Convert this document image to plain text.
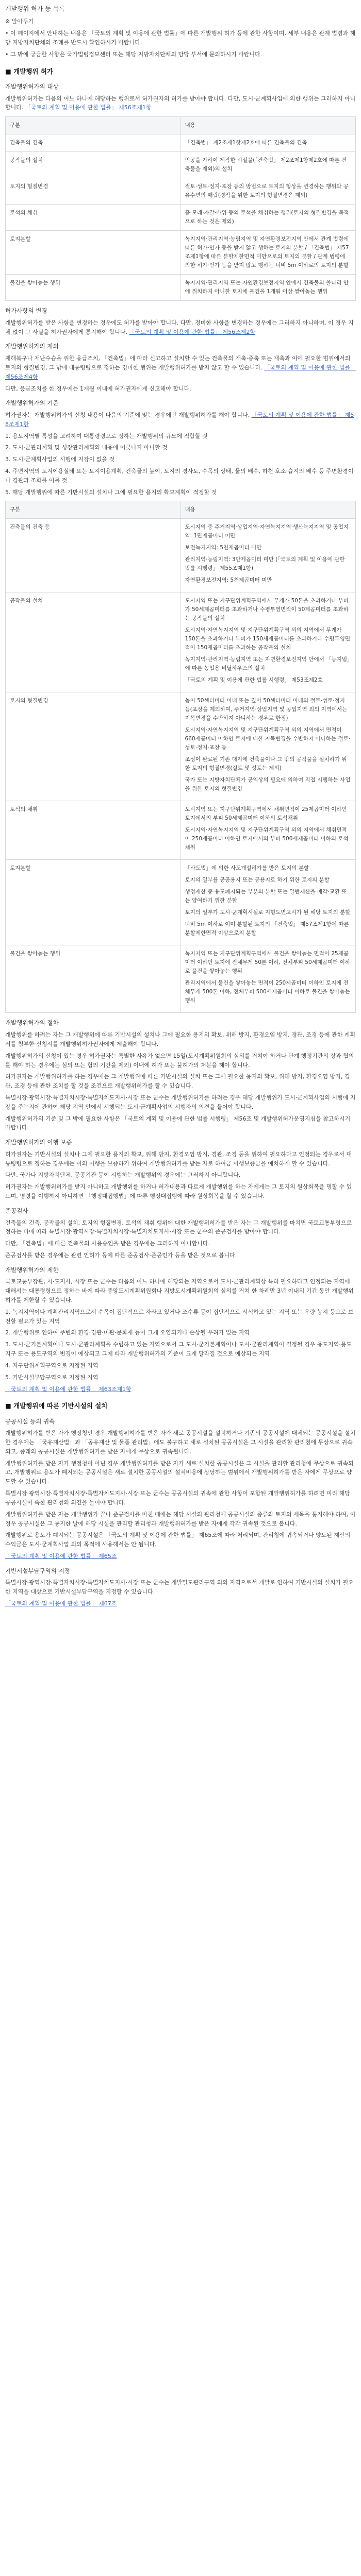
개발행위 허가 등 목록
※ 알아두기

• 이 페이지에서 안내하는 내용은 「국토의 계획 및 이용에 관한 법률」에 따른 개발행위 허가 등에 관한 사항이며, 세부 내용은 관계 법령과 해당 지방자치단체의 조례를 반드시 확인하시기 바랍니다.

• 그 밖에 궁금한 사항은 국가법령정보센터 또는 해당 지방자치단체의 담당 부서에 문의하시기 바랍니다.

■ 개발행위 허가
개발행위허가의 대상

개발행위허가는 다음의 어느 하나에 해당하는 행위로서 허가권자의 허가를 받아야 합니다. 다만, 도시·군계획사업에 의한 행위는 그러하지 아니합니다. 「국토의 계획 및 이용에 관한 법률」 제56조제1항

구분	내용
건축물의 건축	「건축법」 제2조제1항제2호에 따른 건축물의 건축
공작물의 설치	인공을 가하여 제작한 시설물(「건축법」 제2조제1항제2호에 따른 건축물을 제외)의 설치
토지의 형질변경	절토·성토·정지·포장 등의 방법으로 토지의 형상을 변경하는 행위와 공유수면의 매립(경작을 위한 토지의 형질변경은 제외)
토석의 채취	흙·모래·자갈·바위 등의 토석을 채취하는 행위(토지의 형질변경을 목적으로 하는 것은 제외)
토지분할	녹지지역·관리지역·농림지역 및 자연환경보전지역 안에서 관계 법령에 따른 허가·인가 등을 받지 않고 행하는 토지의 분할 / 「건축법」 제57조제1항에 따른 분할제한면적 미만으로의 토지의 분할 / 관계 법령에 의한 허가·인가 등을 받지 않고 행하는 너비 5m 이하로의 토지의 분할
물건을 쌓아놓는 행위	녹지지역·관리지역 또는 자연환경보전지역 안에서 건축물의 울타리 안에 위치하지 아니한 토지에 물건을 1개월 이상 쌓아놓는 행위
허가사항의 변경

개발행위허가를 받은 사항을 변경하는 경우에도 허가를 받아야 합니다. 다만, 경미한 사항을 변경하는 경우에는 그러하지 아니하며, 이 경우 지체 없이 그 사실을 허가권자에게 통지해야 합니다. 「국토의 계획 및 이용에 관한 법률」 제56조제2항

개발행위허가의 제외

재해복구나 재난수습을 위한 응급조치, 「건축법」에 따라 신고하고 설치할 수 있는 건축물의 개축·증축 또는 재축과 이에 필요한 범위에서의 토지의 형질변경, 그 밖에 대통령령으로 정하는 경미한 행위는 개발행위허가를 받지 않고 할 수 있습니다. 「국토의 계획 및 이용에 관한 법률」 제56조제4항

다만, 응급조치를 한 경우에는 1개월 이내에 허가권자에게 신고해야 합니다.

개발행위허가의 기준

허가권자는 개발행위허가의 신청 내용이 다음의 기준에 맞는 경우에만 개발행위허가를 해야 합니다. 「국토의 계획 및 이용에 관한 법률」 제58조제1항

1. 용도지역별 특성을 고려하여 대통령령으로 정하는 개발행위의 규모에 적합할 것

2. 도시·군관리계획 및 성장관리계획의 내용에 어긋나지 아니할 것

3. 도시·군계획사업의 시행에 지장이 없을 것

4. 주변지역의 토지이용실태 또는 토지이용계획, 건축물의 높이, 토지의 경사도, 수목의 상태, 물의 배수, 하천·호소·습지의 배수 등 주변환경이나 경관과 조화를 이룰 것

5. 해당 개발행위에 따른 기반시설의 설치나 그에 필요한 용지의 확보계획이 적정할 것

구분	내용
건축물의 건축 등	도시지역 중 주거지역·상업지역·자연녹지지역·생산녹지지역 및 공업지역: 1만제곱미터 미만
보전녹지지역: 5천제곱미터 미만
관리지역·농림지역: 3만제곱미터 미만 (「국토의 계획 및 이용에 관한 법률 시행령」 제55조제1항)
자연환경보전지역: 5천제곱미터 미만

공작물의 설치	도시지역 또는 지구단위계획구역에서 무게가 50톤을 초과하거나 부피가 50세제곱미터를 초과하거나 수평투영면적이 50제곱미터를 초과하는 공작물의 설치
도시지역·자연녹지지역 및 지구단위계획구역 외의 지역에서 무게가 150톤을 초과하거나 부피가 150세제곱미터를 초과하거나 수평투영면적이 150제곱미터를 초과하는 공작물의 설치
녹지지역·관리지역·농림지역 또는 자연환경보전지역 안에서 「농지법」에 따른 농업용 비닐하우스의 설치
「국토의 계획 및 이용에 관한 법률 시행령」 제53조제2호

토지의 형질변경	높이 50센티미터 이내 또는 깊이 50센티미터 이내의 절토·성토·정지 등(포장을 제외하며, 주거지역·상업지역 및 공업지역 외의 지역에서는 지목변경을 수반하지 아니하는 경우로 한정)
도시지역·자연녹지지역 및 지구단위계획구역 외의 지역에서 면적이 660제곱미터 이하인 토지에 대한 지목변경을 수반하지 아니하는 절토·성토·정지·포장 등
조성이 완료된 기존 대지에 건축물이나 그 밖의 공작물을 설치하기 위한 토지의 형질변경(절토 및 성토는 제외)
국가 또는 지방자치단체가 공익상의 필요에 의하여 직접 시행하는 사업을 위한 토지의 형질변경

토석의 채취	도시지역 또는 지구단위계획구역에서 채취면적이 25제곱미터 이하인 토지에서의 부피 50세제곱미터 이하의 토석채취
도시지역·자연녹지지역 및 지구단위계획구역 외의 지역에서 채취면적이 250제곱미터 이하인 토지에서의 부피 500세제곱미터 이하의 토석채취

토지분할	「사도법」에 의한 사도개설허가를 받은 토지의 분할
토지의 일부를 공공용지 또는 공용지로 하기 위한 토지의 분할
행정재산 중 용도폐지되는 부분의 분할 또는 일반재산을 매각·교환 또는 양여하기 위한 분할
토지의 일부가 도시·군계획시설로 지형도면고시가 된 해당 토지의 분할
너비 5m 이하로 이미 분할된 토지의 「건축법」 제57조제1항에 따른 분할제한면적 이상으로의 분할

물건을 쌓아놓는 행위	녹지지역 또는 지구단위계획구역에서 물건을 쌓아놓는 면적이 25제곱미터 이하인 토지에 전체무게 50톤 이하, 전체부피 50세제곱미터 이하로 물건을 쌓아놓는 행위
관리지역에서 물건을 쌓아놓는 면적이 250제곱미터 이하인 토지에 전체무게 500톤 이하, 전체부피 500세제곱미터 이하로 물건을 쌓아놓는 행위
개발행위허가의 절차

개발행위를 하려는 자는 그 개발행위에 따른 기반시설의 설치나 그에 필요한 용지의 확보, 위해 방지, 환경오염 방지, 경관, 조경 등에 관한 계획서를 첨부한 신청서를 개발행위허가권자에게 제출해야 합니다.

개발행위허가의 신청이 있는 경우 허가권자는 특별한 사유가 없으면 15일(도시계획위원회의 심의를 거쳐야 하거나 관계 행정기관의 장과 협의를 해야 하는 경우에는 심의 또는 협의 기간을 제외) 이내에 허가 또는 불허가의 처분을 해야 합니다.

허가권자는 개발행위허가를 하는 경우에는 그 개발행위에 따른 기반시설의 설치 또는 그에 필요한 용지의 확보, 위해 방지, 환경오염 방지, 경관, 조경 등에 관한 조치를 할 것을 조건으로 개발행위허가를 할 수 있습니다.

특별시장·광역시장·특별자치시장·특별자치도지사·시장 또는 군수는 개발행위허가를 하려는 경우 해당 개발행위가 도시·군계획사업의 시행에 지장을 주는지에 관하여 해당 지역 안에서 시행되는 도시·군계획사업의 시행자의 의견을 들어야 합니다.

개발행위허가의 기준 및 그 밖에 필요한 사항은 「국토의 계획 및 이용에 관한 법률 시행령」 제56조 및 개발행위허가운영지침을 참고하시기 바랍니다.

개발행위허가의 이행 보증

허가권자는 기반시설의 설치나 그에 필요한 용지의 확보, 위해 방지, 환경오염 방지, 경관, 조경 등을 위하여 필요하다고 인정되는 경우로서 대통령령으로 정하는 경우에는 이의 이행을 보증하기 위하여 개발행위허가를 받는 자로 하여금 이행보증금을 예치하게 할 수 있습니다.

다만, 국가나 지방자치단체, 공공기관 등이 시행하는 개발행위의 경우에는 그러하지 아니합니다.

허가권자는 개발행위허가를 받지 아니하고 개발행위를 하거나 허가내용과 다르게 개발행위를 하는 자에게는 그 토지의 원상회복을 명할 수 있으며, 명령을 이행하지 아니하면 「행정대집행법」에 따른 행정대집행에 따라 원상회복을 할 수 있습니다.

준공검사

건축물의 건축, 공작물의 설치, 토지의 형질변경, 토석의 채취 행위에 대한 개발행위허가를 받은 자는 그 개발행위를 마치면 국토교통부령으로 정하는 바에 따라 특별시장·광역시장·특별자치시장·특별자치도지사·시장 또는 군수의 준공검사를 받아야 합니다.

다만, 「건축법」에 따른 건축물의 사용승인을 받은 경우에는 그러하지 아니합니다.

준공검사를 받은 경우에는 관련 인허가 등에 따른 준공검사·준공인가 등을 받은 것으로 봅니다.

개발행위허가의 제한

국토교통부장관, 시·도지사, 시장 또는 군수는 다음의 어느 하나에 해당되는 지역으로서 도시·군관리계획상 특히 필요하다고 인정되는 지역에 대해서는 대통령령으로 정하는 바에 따라 중앙도시계획위원회나 지방도시계획위원회의 심의를 거쳐 한 차례만 3년 이내의 기간 동안 개발행위허가를 제한할 수 있습니다.

1. 녹지지역이나 계획관리지역으로서 수목이 집단적으로 자라고 있거나 조수류 등이 집단적으로 서식하고 있는 지역 또는 우량 농지 등으로 보전할 필요가 있는 지역

2. 개발행위로 인하여 주변의 환경·경관·미관·문화재 등이 크게 오염되거나 손상될 우려가 있는 지역

3. 도시·군기본계획이나 도시·군관리계획을 수립하고 있는 지역으로서 그 도시·군기본계획이나 도시·군관리계획이 결정될 경우 용도지역·용도지구 또는 용도구역의 변경이 예상되고 그에 따라 개발행위허가의 기준이 크게 달라질 것으로 예상되는 지역

4. 지구단위계획구역으로 지정된 지역

5. 기반시설부담구역으로 지정된 지역

「국토의 계획 및 이용에 관한 법률」 제63조제1항

■ 개발행위에 따른 기반시설의 설치
공공시설 등의 귀속

개발행위허가를 받은 자가 행정청인 경우 개발행위허가를 받은 자가 새로 공공시설을 설치하거나 기존의 공공시설에 대체되는 공공시설을 설치한 경우에는 「국유재산법」과 「공유재산 및 물품 관리법」에도 불구하고 새로 설치된 공공시설은 그 시설을 관리할 관리청에 무상으로 귀속되고, 종래의 공공시설은 개발행위허가를 받은 자에게 무상으로 귀속됩니다.

개발행위허가를 받은 자가 행정청이 아닌 경우 개발행위허가를 받은 자가 새로 설치한 공공시설은 그 시설을 관리할 관리청에 무상으로 귀속되고, 개발행위로 용도가 폐지되는 공공시설은 새로 설치한 공공시설의 설치비용에 상당하는 범위에서 개발행위허가를 받은 자에게 무상으로 양도할 수 있습니다.

특별시장·광역시장·특별자치시장·특별자치도지사·시장 또는 군수는 공공시설의 귀속에 관한 사항이 포함된 개발행위허가를 하려면 미리 해당 공공시설이 속한 관리청의 의견을 들어야 합니다.

개발행위허가를 받은 자는 개발행위가 끝나 준공검사를 마친 때에는 해당 시설의 관리청에 공공시설의 종류와 토지의 세목을 통지해야 하며, 이 경우 공공시설은 그 통지한 날에 해당 시설을 관리할 관리청과 개발행위허가를 받은 자에게 각각 귀속된 것으로 봅니다.

개발행위로 용도가 폐지되는 공공시설은 「국토의 계획 및 이용에 관한 법률」 제65조에 따라 처리되며, 관리청에 귀속되거나 양도된 재산의 수익금은 도시·군계획사업 외의 목적에 사용해서는 안 됩니다.

「국토의 계획 및 이용에 관한 법률」 제65조

기반시설부담구역의 지정

특별시장·광역시장·특별자치시장·특별자치도지사·시장 또는 군수는 개발밀도관리구역 외의 지역으로서 개발로 인하여 기반시설의 설치가 필요한 지역을 대상으로 기반시설부담구역을 지정할 수 있습니다.

「국토의 계획 및 이용에 관한 법률」 제67조
